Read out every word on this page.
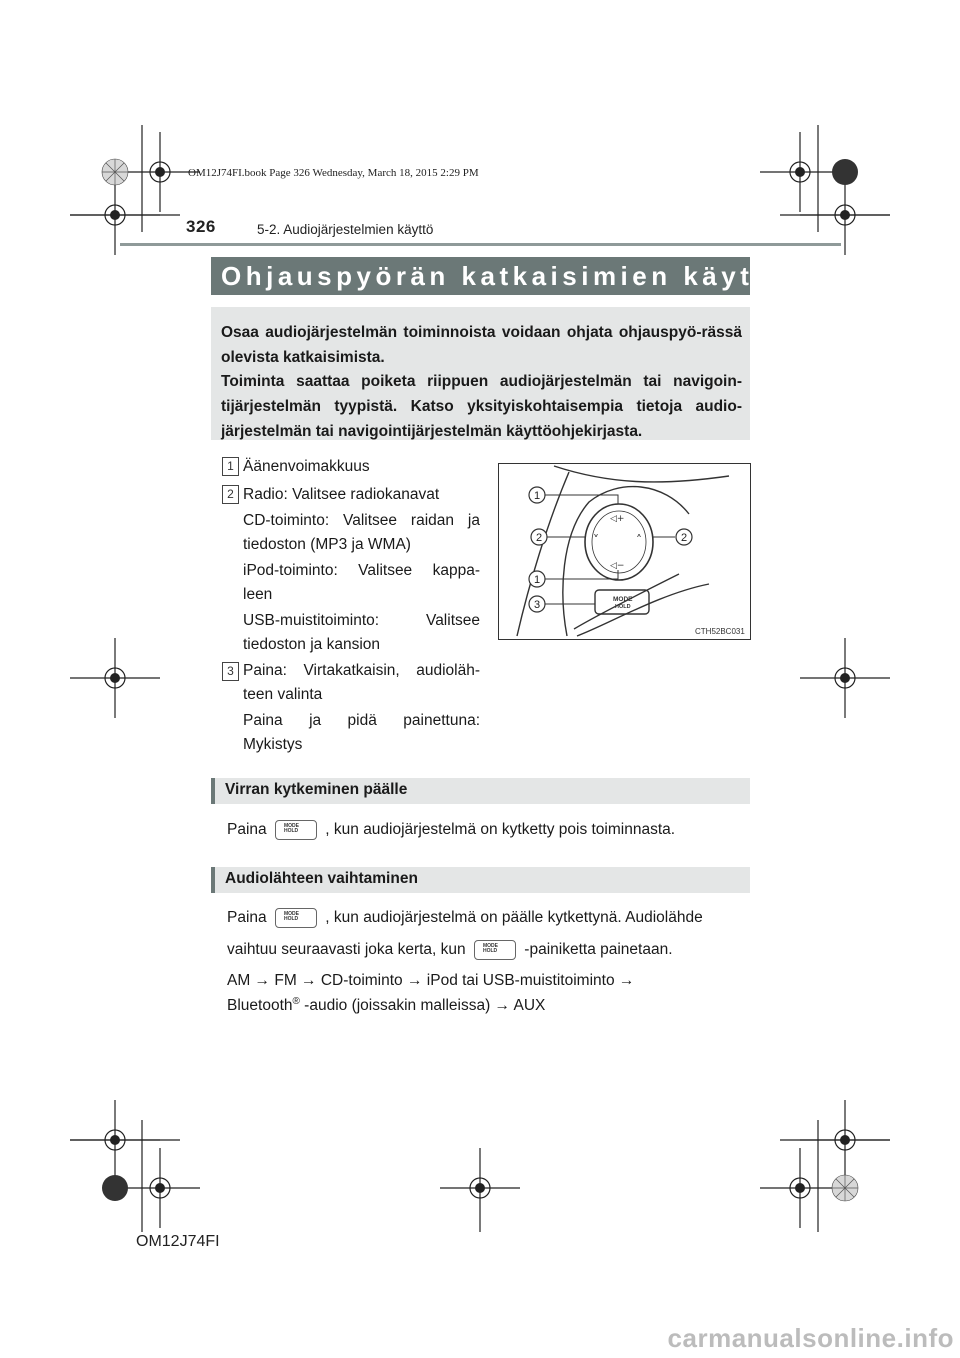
OM12J74FI.book Page 326 Wednesday, March 18, 2015 2:29 PM
326	5-2. Audiojärjestelmien käyttö
Ohjauspyörän katkaisimien käyttö
Osaa audiojärjestelmän toiminnoista voidaan ohjata ohjauspyö-rässä olevista katkaisimista.
Toiminta saattaa poiketa riippuen audiojärjestelmän tai navigoin-tijärjestelmän tyypistä. Katso yksityiskohtaisempia tietoja audio-järjestelmän tai navigointijärjestelmän käyttöohjekirjasta.
1 Äänenvoimakkuus
2 Radio: Valitsee radiokanavat
CD-toiminto: Valitsee raidan ja
tiedoston (MP3 ja WMA)
iPod-toiminto: Valitsee kappa-
leen
USB-muistitoiminto: Valitsee
tiedoston ja kansion
3 Paina: Virtakatkaisin, audioläh-
teen valinta
Paina ja pidä painettuna:
Mykistys
◁+
◁−
˅	˄
MODE
HOLD
1
2
1
3
2
CTH52BC031
Virran kytkeminen päälle
Paina	MODE
HOLD , kun audiojärjestelmä on kytketty pois toiminnasta.
Audiolähteen vaihtaminen
Paina	MODE
HOLD , kun audiojärjestelmä on päälle kytkettynä. Audiolähde
vaihtuu seuraavasti joka kerta, kun	MODE
HOLD -painiketta painetaan.
AM → FM → CD-toiminto → iPod tai USB-muistitoiminto →
Bluetooth® -audio (joissakin malleissa) → AUX
OM12J74FI
carmanualsonline.info
